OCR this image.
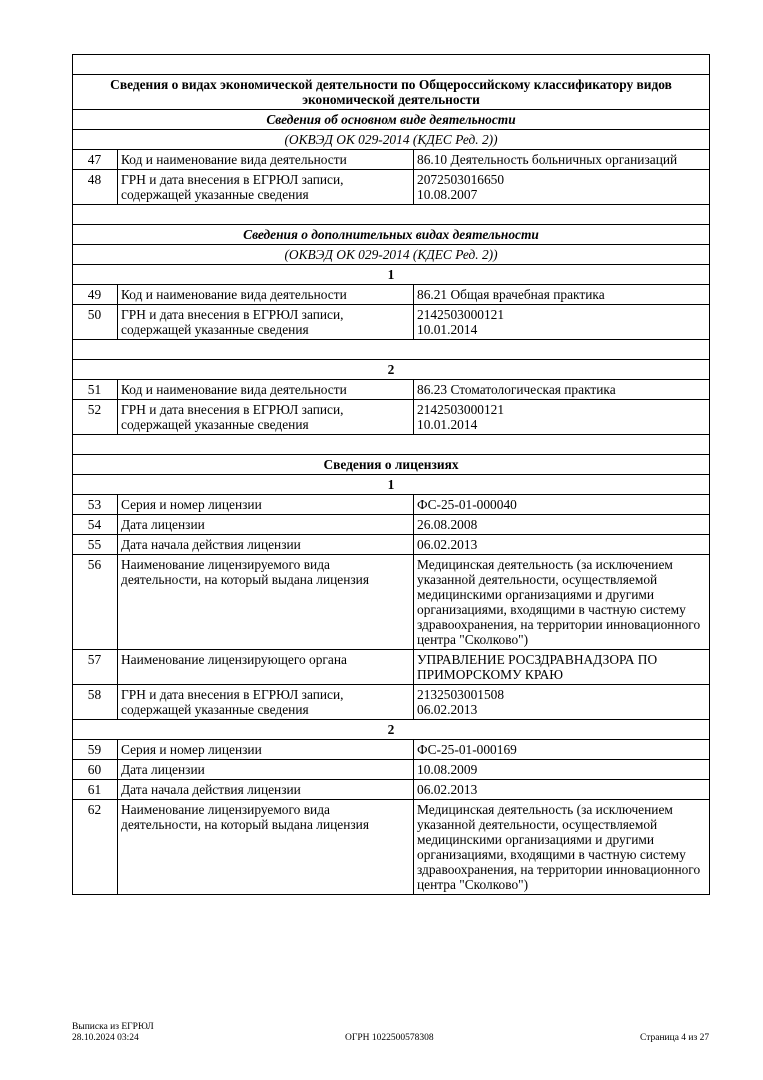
Сведения о видах экономической деятельности по Общероссийскому классификатору видов экономической деятельности		
Сведения об основном виде деятельности		
(ОКВЭД ОК 029-2014 (КДЕС Ред. 2))		
47	Код и наименование вида деятельности	86.10 Деятельность больничных организаций
48	ГРН и дата внесения в ЕГРЮЛ записи, содержащей указанные сведения	2072503016650
10.08.2007

Сведения о дополнительных видах деятельности		
(ОКВЭД ОК 029-2014 (КДЕС Ред. 2))		
1		
49	Код и наименование вида деятельности	86.21 Общая врачебная практика
50	ГРН и дата внесения в ЕГРЮЛ записи, содержащей указанные сведения	2142503000121
10.01.2014

2		
51	Код и наименование вида деятельности	86.23 Стоматологическая практика
52	ГРН и дата внесения в ЕГРЮЛ записи, содержащей указанные сведения	2142503000121
10.01.2014

Сведения о лицензиях		
1		
53	Серия и номер лицензии	ФС-25-01-000040
54	Дата лицензии	26.08.2008
55	Дата начала действия лицензии	06.02.2013
56	Наименование лицензируемого вида деятельности, на который выдана лицензия	Медицинская деятельность (за исключением указанной деятельности, осуществляемой медицинскими организациями и другими организациями, входящими в частную систему здравоохранения, на территории инновационного центра "Сколково")
57	Наименование лицензирующего органа	УПРАВЛЕНИЕ РОСЗДРАВНАДЗОРА ПО ПРИМОРСКОМУ КРАЮ
58	ГРН и дата внесения в ЕГРЮЛ записи, содержащей указанные сведения	2132503001508
06.02.2013

2		
59	Серия и номер лицензии	ФС-25-01-000169
60	Дата лицензии	10.08.2009
61	Дата начала действия лицензии	06.02.2013
62	Наименование лицензируемого вида деятельности, на который выдана лицензия	Медицинская деятельность (за исключением указанной деятельности, осуществляемой медицинскими организациями и другими организациями, входящими в частную систему здравоохранения, на территории инновационного центра "Сколково")
Выписка из ЕГРЮЛ
28.10.2024 03:24	ОГРН 1022500578308	Страница 4 из 27
